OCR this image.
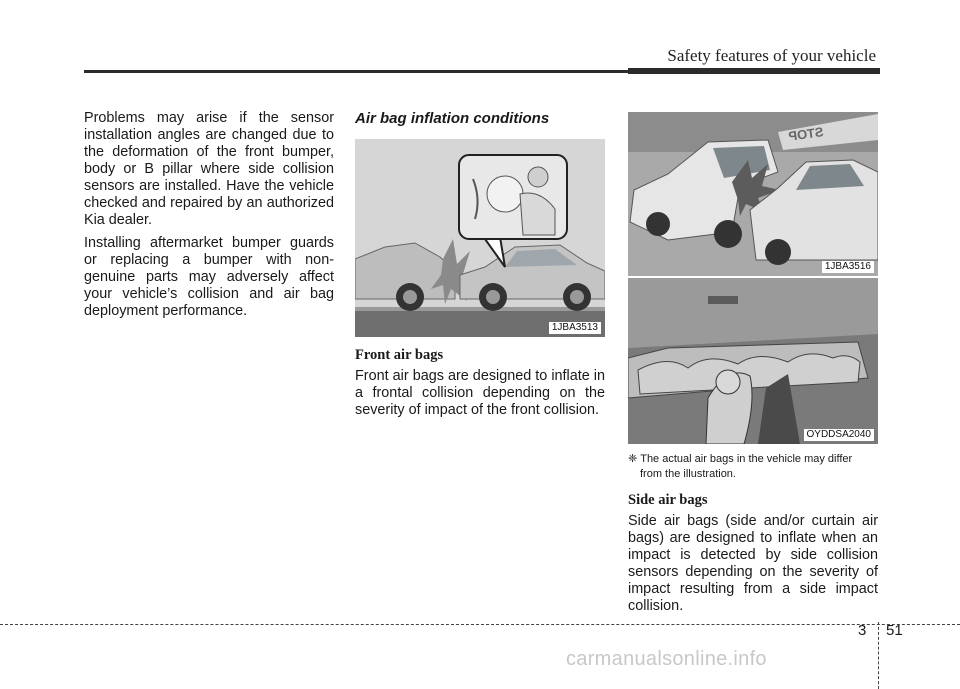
Safety features of your vehicle

Problems may arise if the sensor installation angles are changed due to the deformation of the front bumper, body or B pillar where side collision sensors are installed. Have the vehicle checked and repaired by an authorized Kia dealer.

Installing aftermarket bumper guards or replacing a bumper with non-genuine parts may adversely affect your vehicle’s collision and air bag deployment performance.

Air bag inflation conditions
1JBA3513
Front air bags

Front air bags are designed to inflate in a frontal collision depending on the severity of impact of the front collision.

STOP
1JBA3516
OYDDSA2040
❈ The actual air bags in the vehicle may differ
from the illustration.
Side air bags

Side air bags (side and/or curtain air bags) are designed to inflate when an impact is detected by side collision sensors depending on the severity of impact resulting from a side impact collision.

3 51
carmanualsonline.info
